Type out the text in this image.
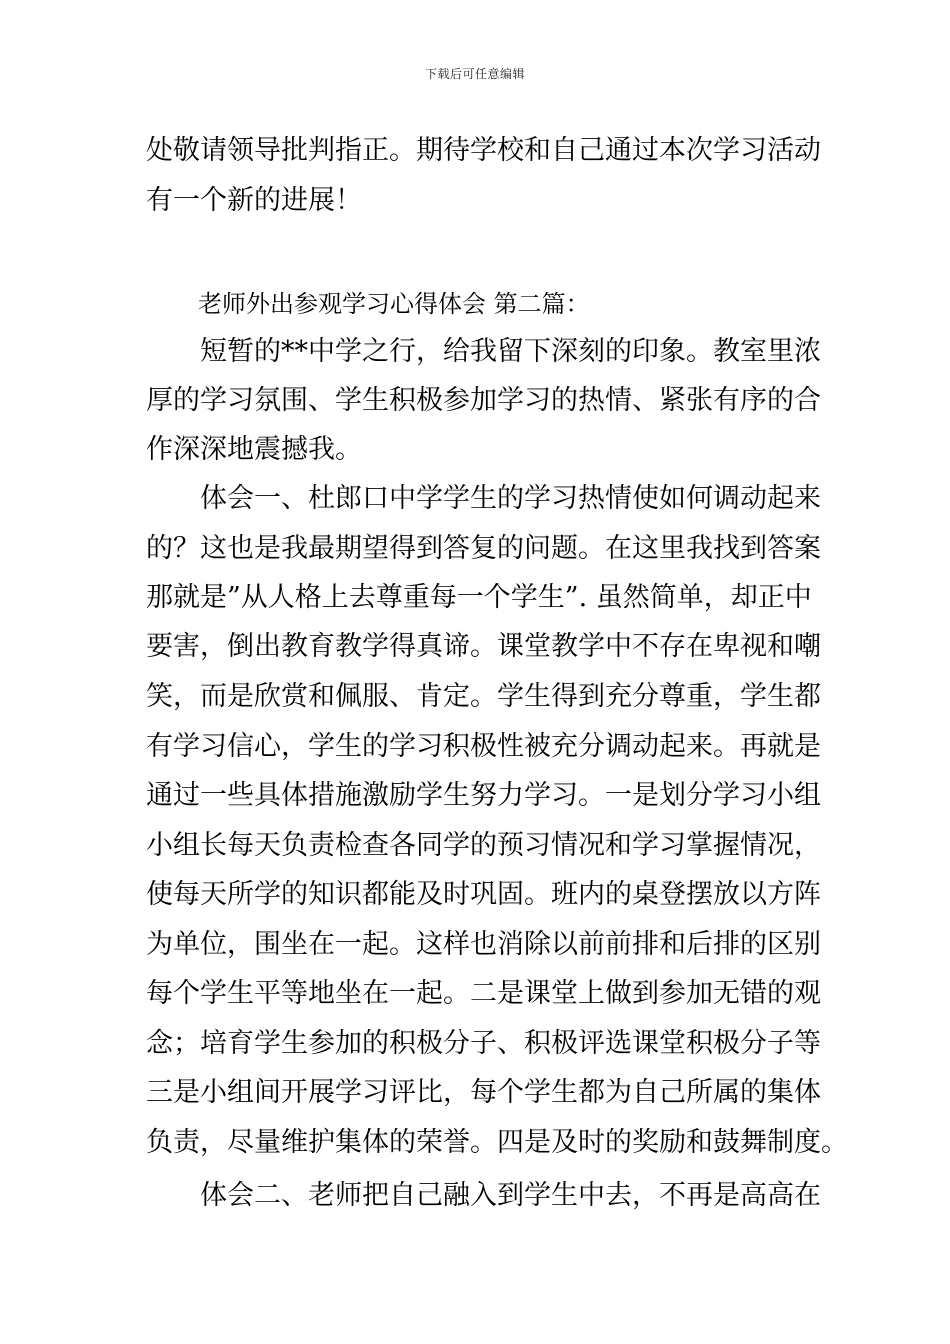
下载后可任意编辑
处敬请领导批判指正。期待学校和自己通过本次学习活动
有一个新的进展！
老师外出参观学习心得体会 第二篇：
短暂的**中学之行，给我留下深刻的印象。教室里浓
厚的学习氛围、学生积极参加学习的热情、紧张有序的合
作深深地震撼我。
体会一、杜郎口中学学生的学习热情使如何调动起来
的？这也是我最期望得到答复的问题。在这里我找到答案
那就是”从人格上去尊重每一个学生”. 虽然简单，却正中
要害，倒出教育教学得真谛。课堂教学中不存在卑视和嘲
笑，而是欣赏和佩服、肯定。学生得到充分尊重，学生都
有学习信心，学生的学习积极性被充分调动起来。再就是
通过一些具体措施激励学生努力学习。一是划分学习小组
小组长每天负责检查各同学的预习情况和学习掌握情况，
使每天所学的知识都能及时巩固。班内的桌登摆放以方阵
为单位，围坐在一起。这样也消除以前前排和后排的区别
每个学生平等地坐在一起。二是课堂上做到参加无错的观
念；培育学生参加的积极分子、积极评选课堂积极分子等
三是小组间开展学习评比，每个学生都为自己所属的集体
负责，尽量维护集体的荣誉。四是及时的奖励和鼓舞制度。
体会二、老师把自己融入到学生中去，不再是高高在
